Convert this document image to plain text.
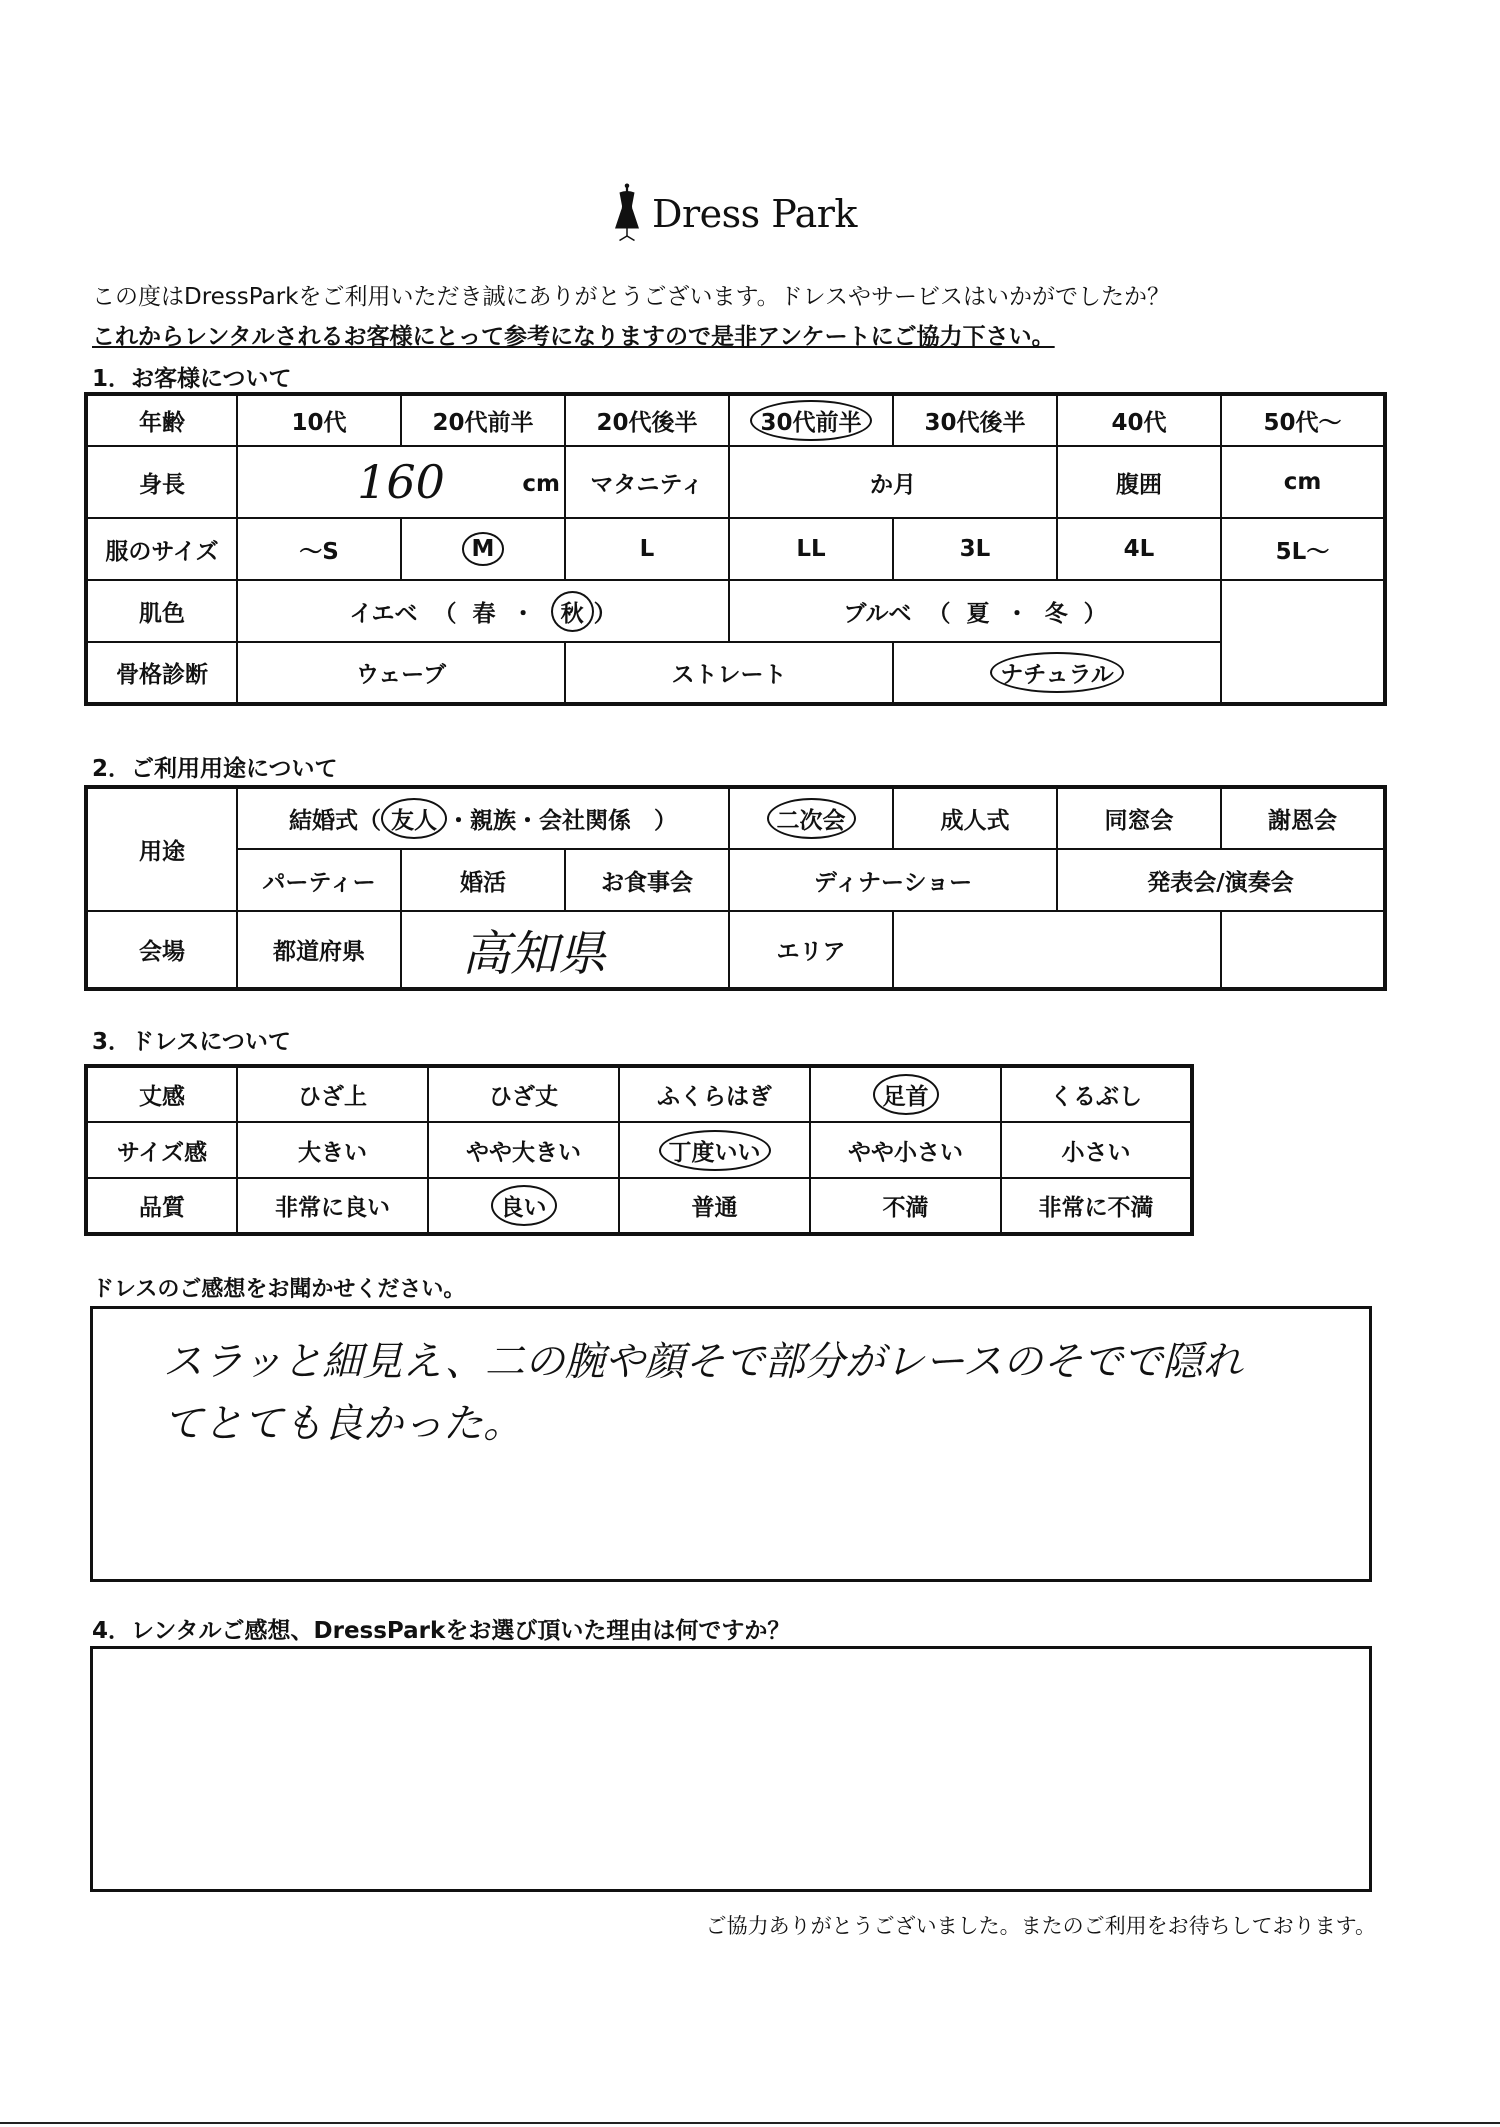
Dress Park
この度はDressParkをご利用いただき誠にありがとうございます。ドレスやサービスはいかがでしたか？
これからレンタルされるお客様にとって参考になりますので是非アンケートにご協力下さい。
1．お客様について
年齢	10代	20代前半	20代後半	30代前半	30代後半	40代	50代～
身長	160 cm		マタニティ	か月		腹囲	cm
服のサイズ	～S	M	L	LL	3L	4L	5L～
肌色	イエベ （ 春 ・ 秋 ）			ブルベ （ 夏 ・ 冬 ）			
骨格診断	ウェーブ		ストレート		ナチュラル		
2．ご利用用途について
用途	結婚式（ 友人 ・親族・会社関係　）			二次会	成人式	同窓会	謝恩会
	パーティー	婚活	お食事会	ディナーショー		発表会/演奏会	
会場	都道府県	高知県		エリア			
3．ドレスについて
丈感	ひざ上	ひざ丈	ふくらはぎ	足首	くるぶし
サイズ感	大きい	やや大きい	丁度いい	やや小さい	小さい
品質	非常に良い	良い	普通	不満	非常に不満
ドレスのご感想をお聞かせください。
スラッと細見え、二の腕や顔そで部分がレースのそでで隠れ
てとても良かった。
4．レンタルご感想、DressParkをお選び頂いた理由は何ですか？
ご協力ありがとうございました。またのご利用をお待ちしております。
